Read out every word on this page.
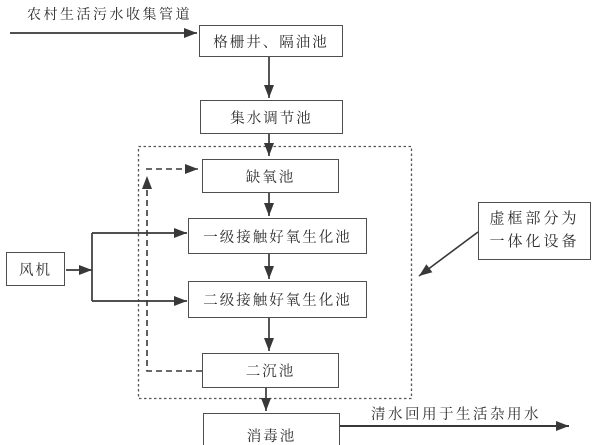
农村生活污水收集管道
清水回用于生活杂用水
格栅井、隔油池
集水调节池
缺氧池
一级接触好氧生化池
二级接触好氧生化池
二沉池
消毒池
风机
虚框部分为
一体化设备
